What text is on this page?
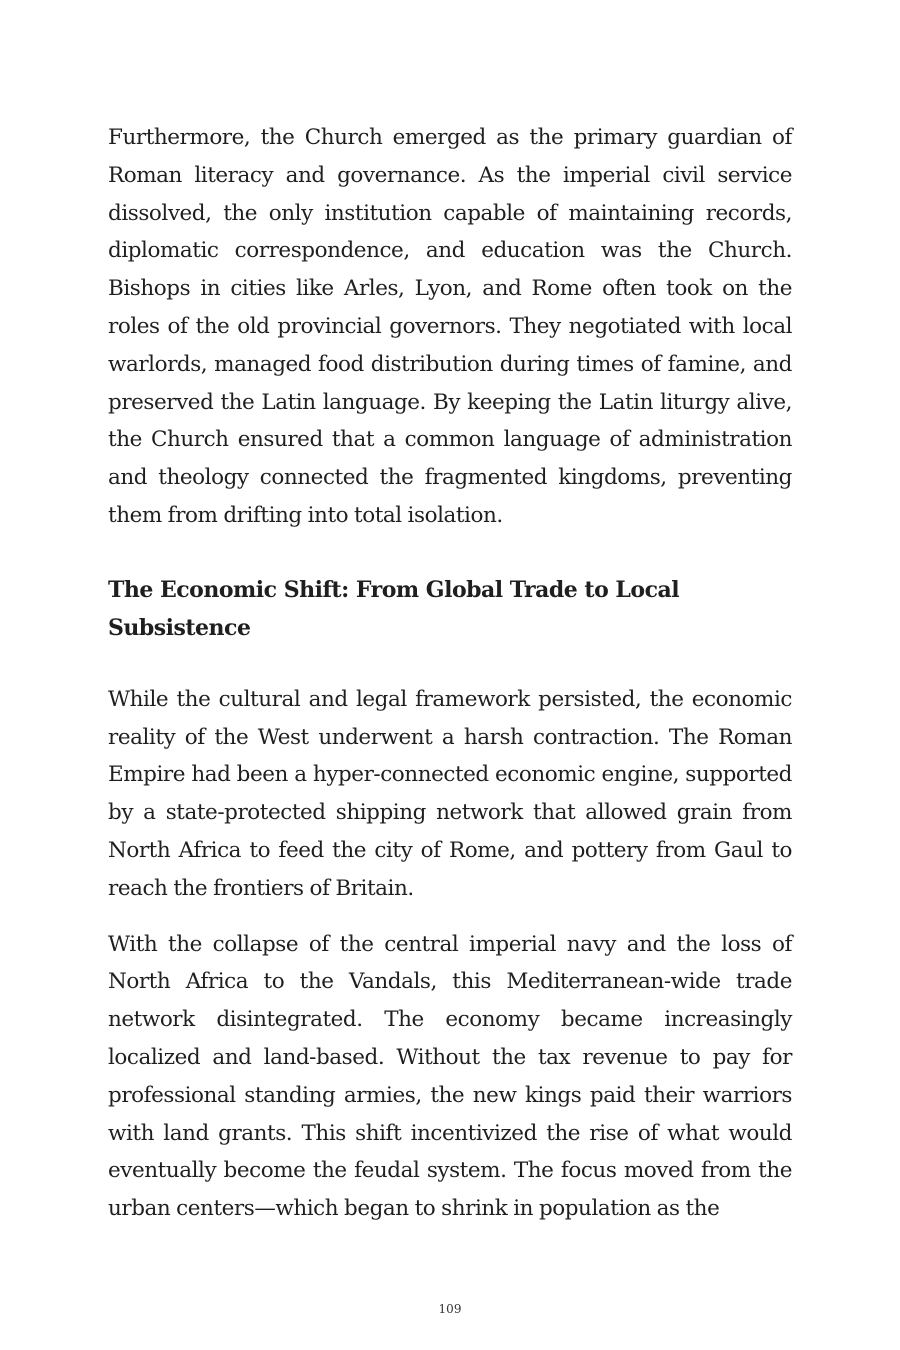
Furthermore, the Church emerged as the primary guardian of Roman literacy and governance. As the imperial civil service dissolved, the only institution capable of maintaining records, diplomatic correspondence, and education was the Church. Bishops in cities like Arles, Lyon, and Rome often took on the roles of the old provincial governors. They negotiated with local warlords, managed food distribution during times of famine, and preserved the Latin language. By keeping the Latin liturgy alive, the Church ensured that a common language of administration and theology connected the fragmented kingdoms, preventing them from drifting into total isolation.

The Economic Shift: From Global Trade to Local Subsistence

While the cultural and legal framework persisted, the economic reality of the West underwent a harsh contraction. The Roman Empire had been a hyper-connected economic engine, supported by a state-protected shipping network that allowed grain from North Africa to feed the city of Rome, and pottery from Gaul to reach the frontiers of Britain.

With the collapse of the central imperial navy and the loss of North Africa to the Vandals, this Mediterranean-wide trade network disintegrated. The economy became increasingly localized and land-based. Without the tax revenue to pay for professional standing armies, the new kings paid their warriors with land grants. This shift incentivized the rise of what would eventually become the feudal system. The focus moved from the urban centers—which began to shrink in population as the

109
